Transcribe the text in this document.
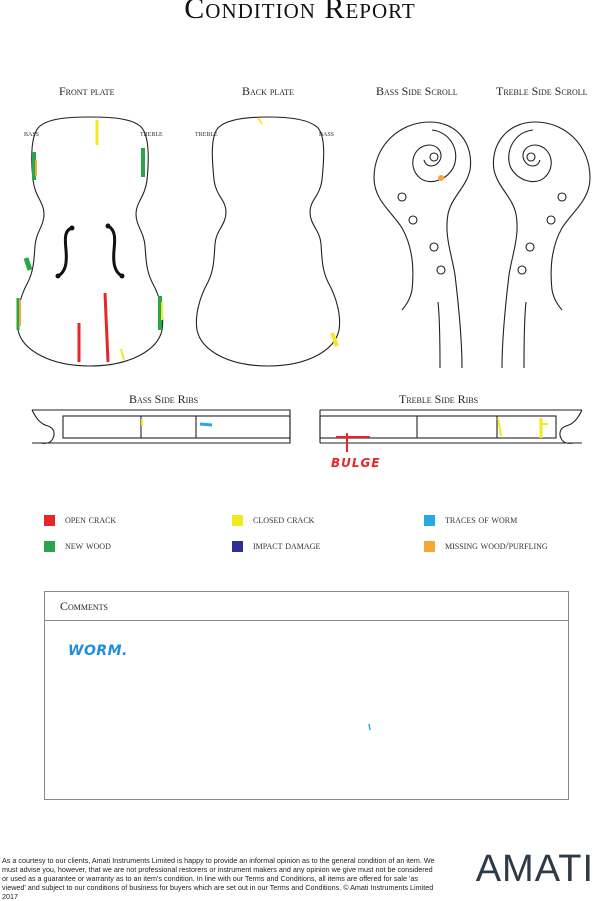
Condition Report
Front plate	Back plate	Bass Side Scroll	Treble Side Scroll
bass	treble	treble	bass
Bass Side Ribs	Treble Side Ribs
BULGE
open crack	closed crack	traces of worm
new wood	impact damage	missing wood/purfling
Comments
WORM.
As a courtesy to our clients, Amati Instruments Limited is happy to provide an informal opinion as to the general condition of an item. We must advise you, however, that we are not professional restorers or instrument makers and any opinion we give must not be considered or used as a guarantee or warranty as to an item's condition. In line with our Terms and Conditions, all items are offered for sale 'as viewed' and subject to our conditions of business for buyers which are set out in our Terms and Conditions. © Amati Instruments Limited 2017
AMATI
